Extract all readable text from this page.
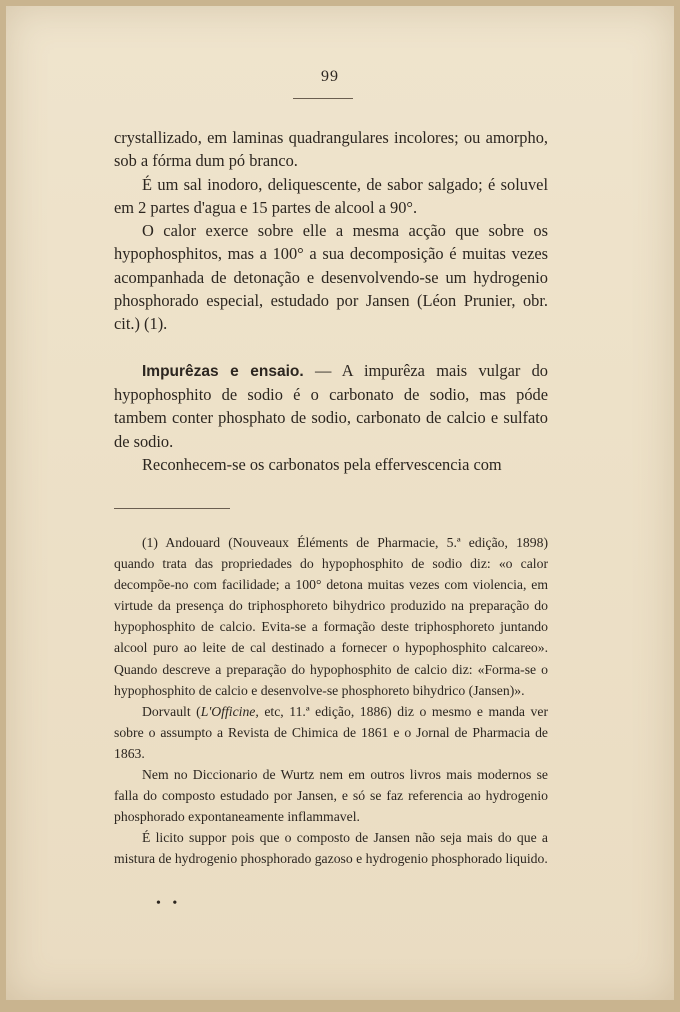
99

crystallizado, em laminas quadrangulares incolores; ou amorpho, sob a fórma dum pó branco.

É um sal inodoro, deliquescente, de sabor salgado; é soluvel em 2 partes d'agua e 15 partes de alcool a 90°.

O calor exerce sobre elle a mesma acção que sobre os hypophosphitos, mas a 100° a sua decomposição é muitas vezes acompanhada de detonação e desenvolvendo-se um hydrogenio phosphorado especial, estudado por Jansen (Léon Prunier, obr. cit.) (1).

Impurêzas e ensaio. — A impurêza mais vulgar do hypophosphito de sodio é o carbonato de sodio, mas póde tambem conter phosphato de sodio, carbonato de calcio e sulfato de sodio.

Reconhecem-se os carbonatos pela effervescencia com

(1) Andouard (Nouveaux Éléments de Pharmacie, 5.ª edição, 1898) quando trata das propriedades do hypophosphito de sodio diz: «o calor decompõe-no com facilidade; a 100° detona muitas vezes com violencia, em virtude da presença do triphosphoreto bihydrico produzido na preparação do hypophosphito de calcio. Evita-se a formação deste triphosphoreto juntando alcool puro ao leite de cal destinado a fornecer o hypophosphito calcareo». Quando descreve a preparação do hypophosphito de calcio diz: «Forma-se o hypophosphito de calcio e desenvolve-se phosphoreto bihydrico (Jansen)».

Dorvault (L'Officine, etc, 11.ª edição, 1886) diz o mesmo e manda ver sobre o assumpto a Revista de Chimica de 1861 e o Jornal de Pharmacia de 1863.

Nem no Diccionario de Wurtz nem em outros livros mais modernos se falla do composto estudado por Jansen, e só se faz referencia ao hydrogenio phosphorado expontaneamente inflammavel.

É licito suppor pois que o composto de Jansen não seja mais do que a mistura de hydrogenio phosphorado gazoso e hydrogenio phosphorado liquido.

• •
